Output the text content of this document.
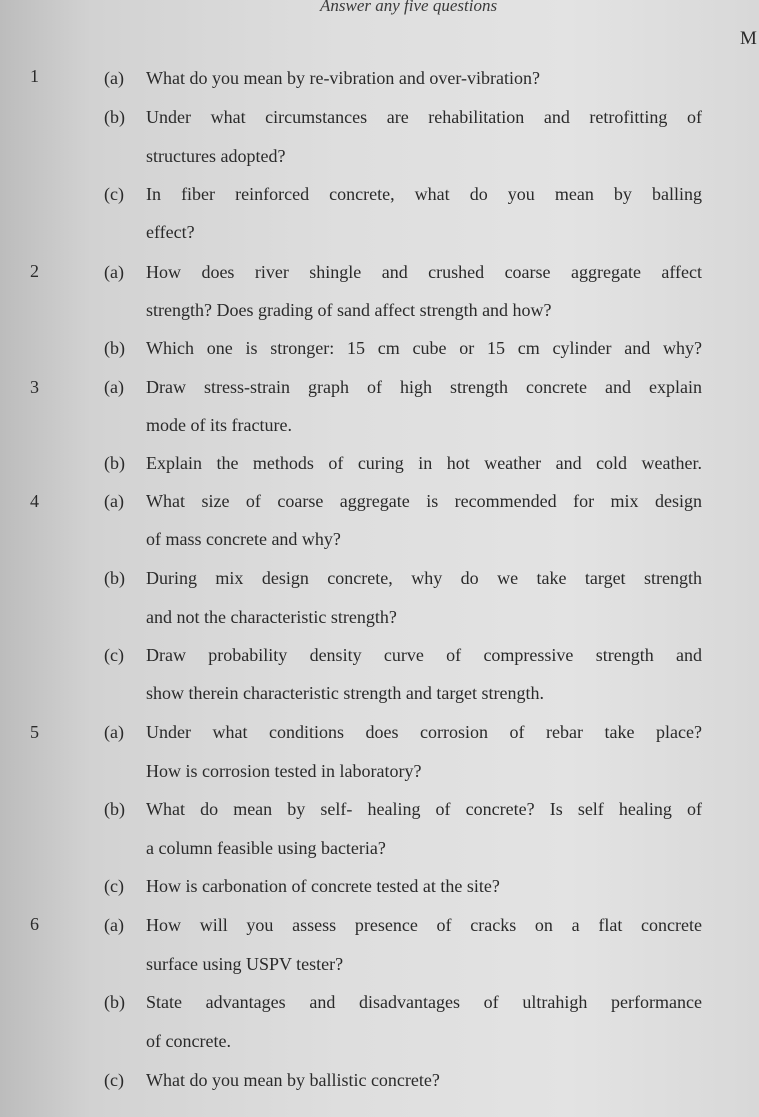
Answer any five questions
M
1	(a) What do you mean by re-vibration and over-vibration?
(b) Under what circumstances are rehabilitation and retrofitting of
structures adopted?
(c) In fiber reinforced concrete, what do you mean by balling
effect?
2	(a) How does river shingle and crushed coarse aggregate affect
strength? Does grading of sand affect strength and how?
(b) Which one is stronger: 15 cm cube or 15 cm cylinder and why?
3	(a) Draw stress-strain graph of high strength concrete and explain
mode of its fracture.
(b) Explain the methods of curing in hot weather and cold weather.
4	(a) What size of coarse aggregate is recommended for mix design
of mass concrete and why?
(b) During mix design concrete, why do we take target strength
and not the characteristic strength?
(c) Draw probability density curve of compressive strength and
show therein characteristic strength and target strength.
5	(a) Under what conditions does corrosion of rebar take place?
How is corrosion tested in laboratory?
(b) What do mean by self- healing of concrete? Is self healing of
a column feasible using bacteria?
(c) How is carbonation of concrete tested at the site?
6	(a) How will you assess presence of cracks on a flat concrete
surface using USPV tester?
(b) State advantages and disadvantages of ultrahigh performance
of concrete.
(c) What do you mean by ballistic concrete?
